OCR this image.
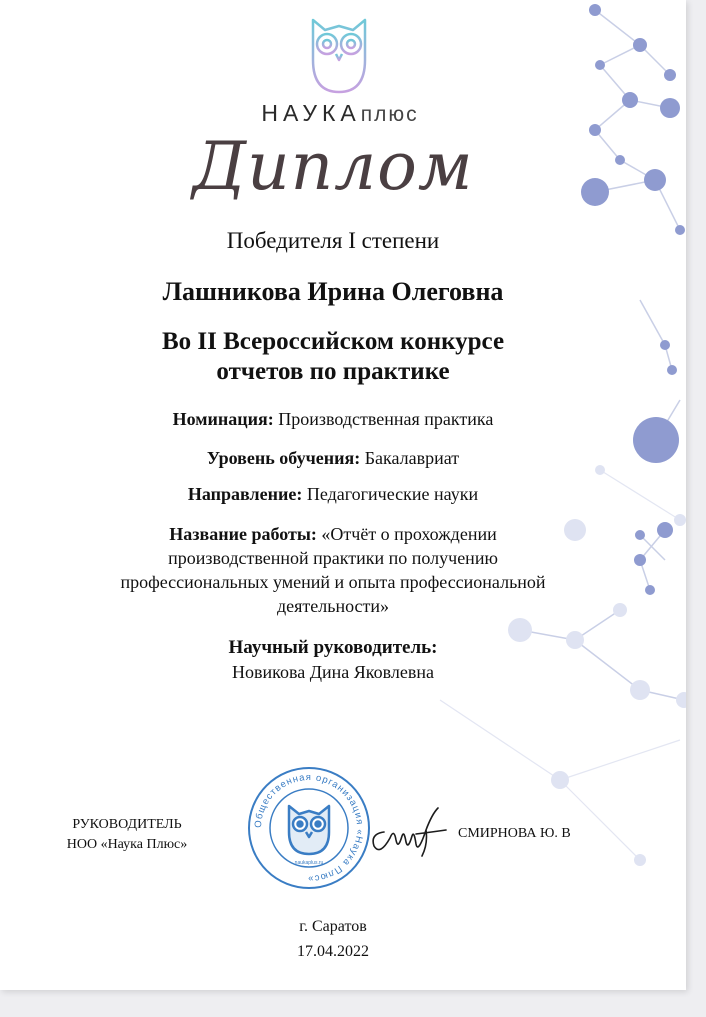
НАУКАплюс
Диплом
Победителя I степени
Лашникова Ирина Олеговна
Во II Всероссийском конкурсе
отчетов по практике
Номинация: Производственная практика
Уровень обучения: Бакалавриат
Направление: Педагогические науки
Название работы: «Отчёт о прохождении
производственной практики по получению
профессиональных умений и опыта профессиональной
деятельности»
Научный руководитель:
Новикова Дина Яковлевна
РУКОВОДИТЕЛЬ
НОО «Наука Плюс»
Общественная организация «Наука Плюс»
naukaplus.ru
СМИРНОВА Ю. В
г. Саратов
17.04.2022
